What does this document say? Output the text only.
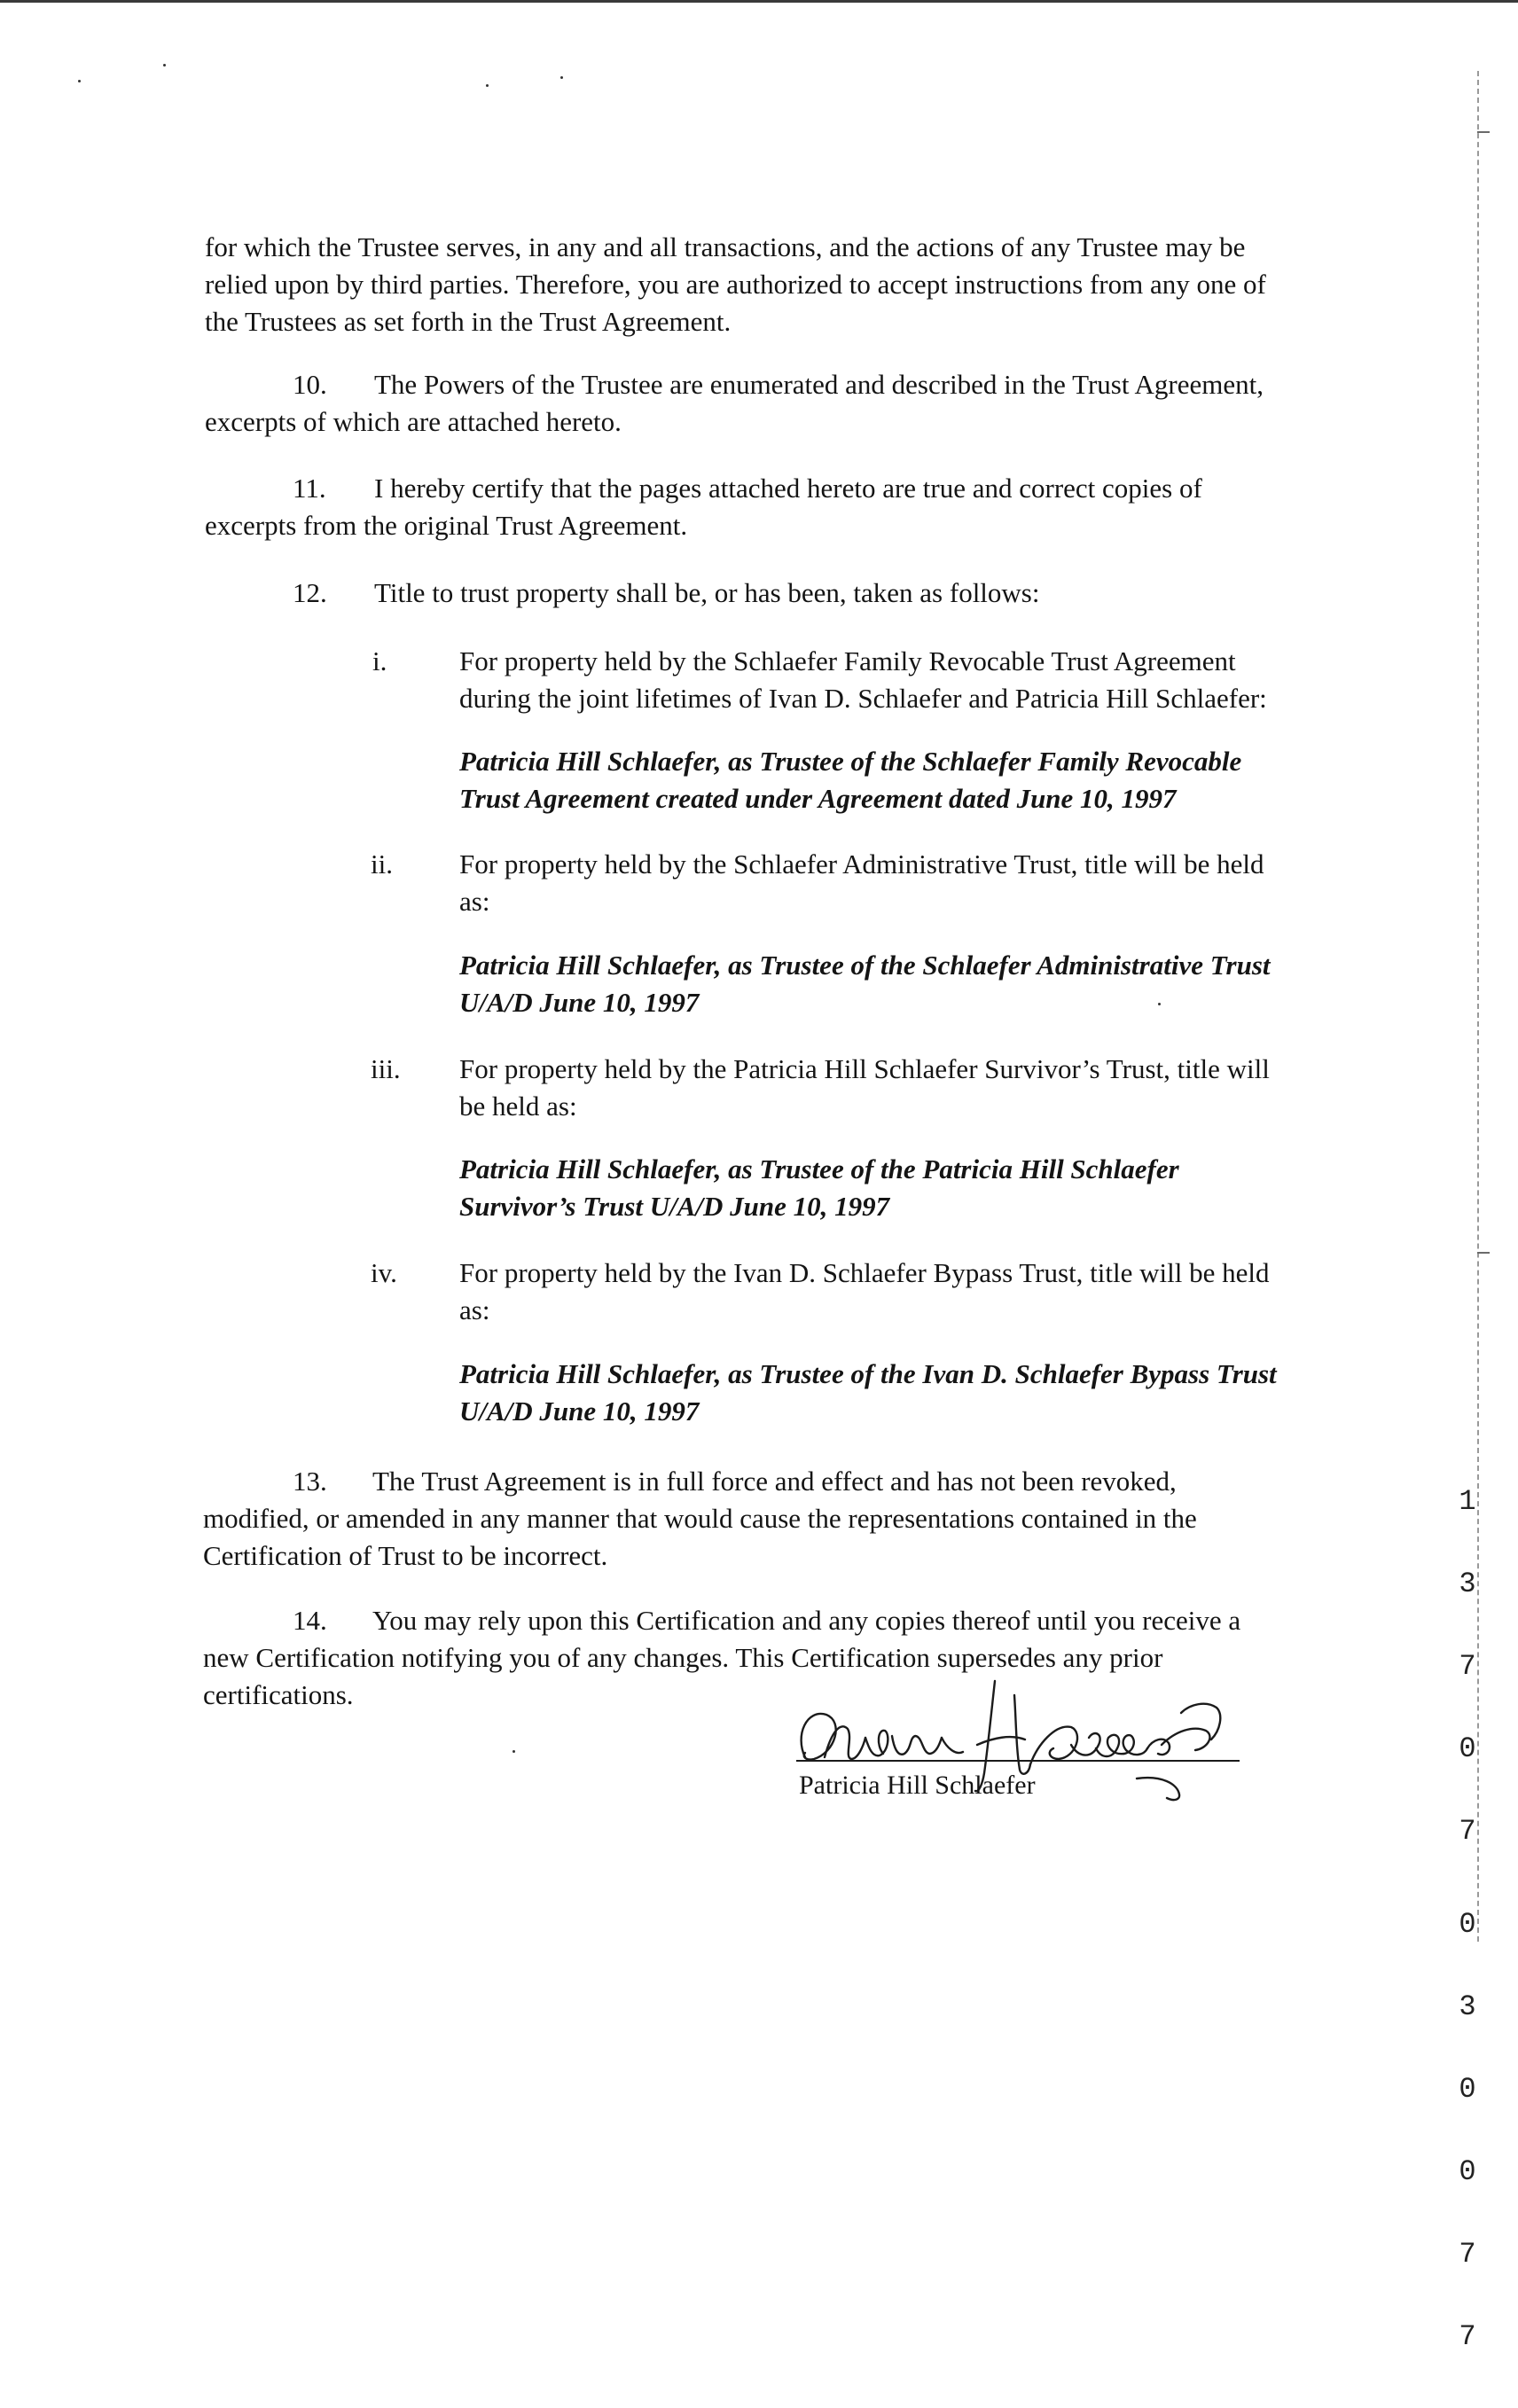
for which the Trustee serves, in any and all transactions, and the actions of any Trustee may be
relied upon by third parties. Therefore, you are authorized to accept instructions from any one of
the Trustees as set forth in the Trust Agreement.
10. The Powers of the Trustee are enumerated and described in the Trust Agreement,
excerpts of which are attached hereto.
11. I hereby certify that the pages attached hereto are true and correct copies of
excerpts from the original Trust Agreement.
12. Title to trust property shall be, or has been, taken as follows:
i.	For property held by the Schlaefer Family Revocable Trust Agreement
during the joint lifetimes of Ivan D. Schlaefer and Patricia Hill Schlaefer:
Patricia Hill Schlaefer, as Trustee of the Schlaefer Family Revocable
Trust Agreement created under Agreement dated June 10, 1997
ii. For property held by the Schlaefer Administrative Trust, title will be held
as:
Patricia Hill Schlaefer, as Trustee of the Schlaefer Administrative Trust
U/A/D June 10, 1997
iii. For property held by the Patricia Hill Schlaefer Survivor’s Trust, title will
be held as:
Patricia Hill Schlaefer, as Trustee of the Patricia Hill Schlaefer
Survivor’s Trust U/A/D June 10, 1997
iv. For property held by the Ivan D. Schlaefer Bypass Trust, title will be held
as:
Patricia Hill Schlaefer, as Trustee of the Ivan D. Schlaefer Bypass Trust
U/A/D June 10, 1997
13. The Trust Agreement is in full force and effect and has not been revoked,
modified, or amended in any manner that would cause the representations contained in the
Certification of Trust to be incorrect.
14. You may rely upon this Certification and any copies thereof until you receive a
new Certification notifying you of any changes. This Certification supersedes any prior
certifications.
Patricia Hill Schlaefer

1

3

7

0

7

0

3

0

0

7

7
